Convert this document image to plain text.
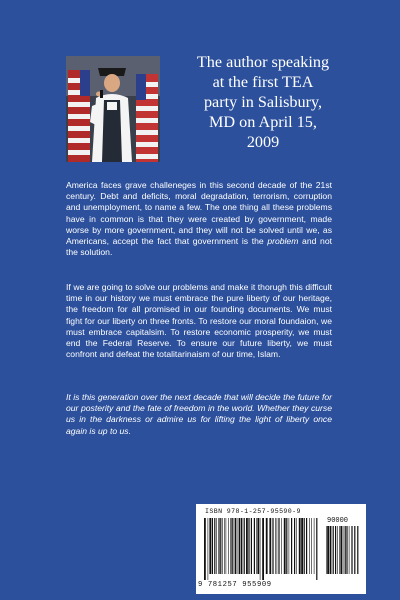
The author speaking
at the first TEA
party in Salisbury,
MD on April 15,
2009

America faces grave challeneges in this second decade of the 21st century. Debt and deficits, moral degradation, terrorism, corruption and unemployment, to name a few. The one thing all these problems have in common is that they were created by government, made worse by more government, and they will not be solved until we, as Americans, accept the fact that government is the problem and not the solution.

If we are going to solve our problems and make it thorugh this difficult time in our history we must embrace the pure liberty of our heritage, the freedom for all promised in our founding documents. We must fight for our liberty on three fronts. To restore our moral foundaion, we must embrace capitalsim. To restore economic prosperity, we must end the Federal Reserve. To ensure our future liberty, we must confront and defeat the totalitarinaism of our time, Islam.

It is this generation over the next decade that will decide the future for our posterity and the fate of freedom in the world. Whether they curse us in the darkness or admire us for lifting the light of liberty once again is up to us.

ISBN 978-1-257-95590-9
90000
9 781257 955909
